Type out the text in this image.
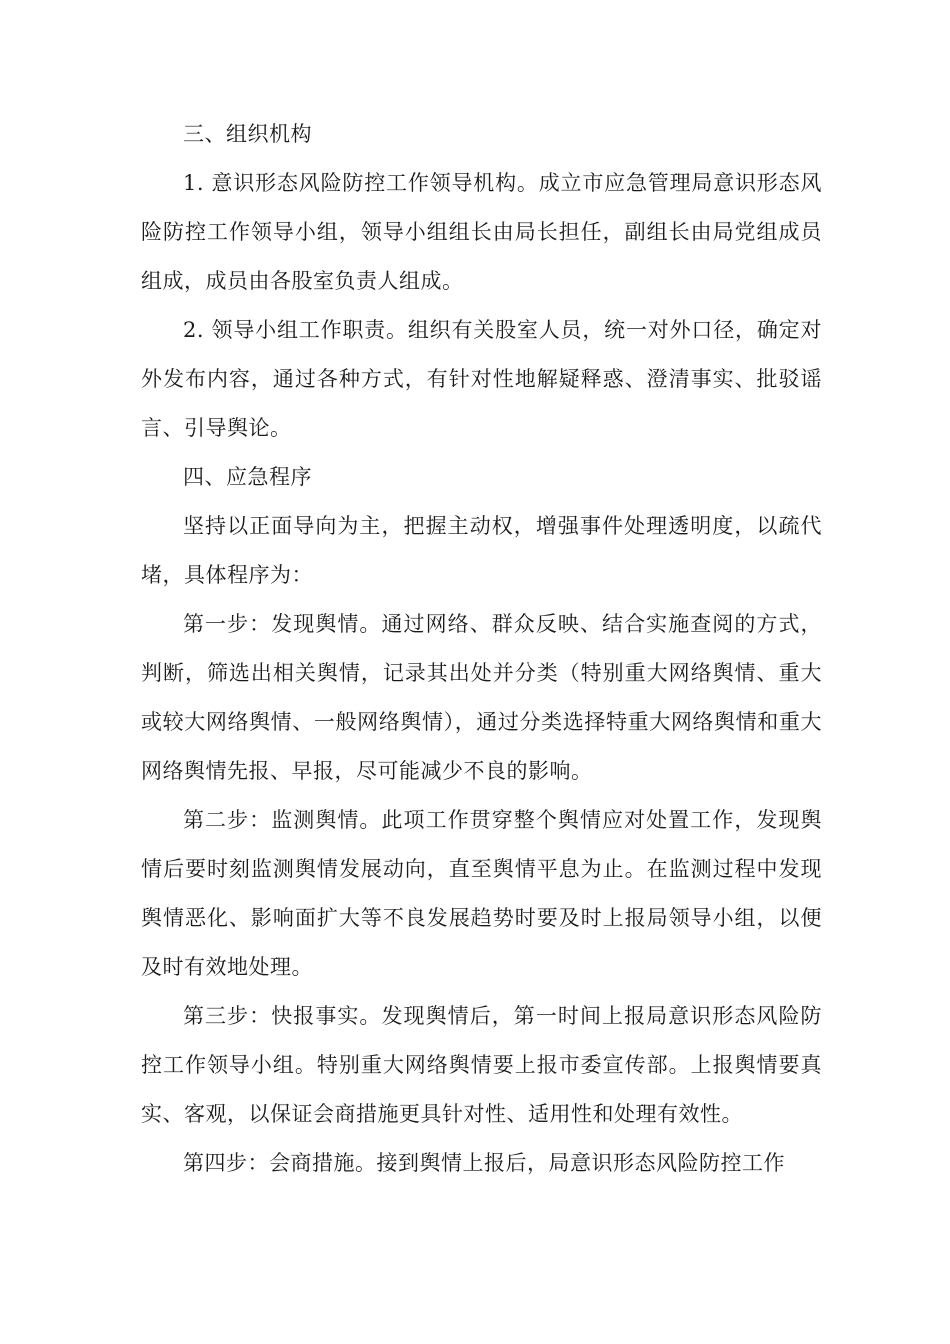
三、组织机构

1. 意识形态风险防控工作领导机构。成立市应急管理局意识形态风险防控工作领导小组，领导小组组长由局长担任，副组长由局党组成员组成，成员由各股室负责人组成。

2. 领导小组工作职责。组织有关股室人员，统一对外口径，确定对外发布内容，通过各种方式，有针对性地解疑释惑、澄清事实、批驳谣言、引导舆论。

四、应急程序

坚持以正面导向为主，把握主动权，增强事件处理透明度，以疏代堵，具体程序为：

第一步：发现舆情。通过网络、群众反映、结合实施查阅的方式，判断，筛选出相关舆情，记录其出处并分类（特别重大网络舆情、重大或较大网络舆情、一般网络舆情），通过分类选择特重大网络舆情和重大网络舆情先报、早报，尽可能减少不良的影响。

第二步：监测舆情。此项工作贯穿整个舆情应对处置工作，发现舆情后要时刻监测舆情发展动向，直至舆情平息为止。在监测过程中发现舆情恶化、影响面扩大等不良发展趋势时要及时上报局领导小组，以便及时有效地处理。

第三步：快报事实。发现舆情后，第一时间上报局意识形态风险防控工作领导小组。特别重大网络舆情要上报市委宣传部。上报舆情要真实、客观，以保证会商措施更具针对性、适用性和处理有效性。

第四步：会商措施。接到舆情上报后，局意识形态风险防控工作
